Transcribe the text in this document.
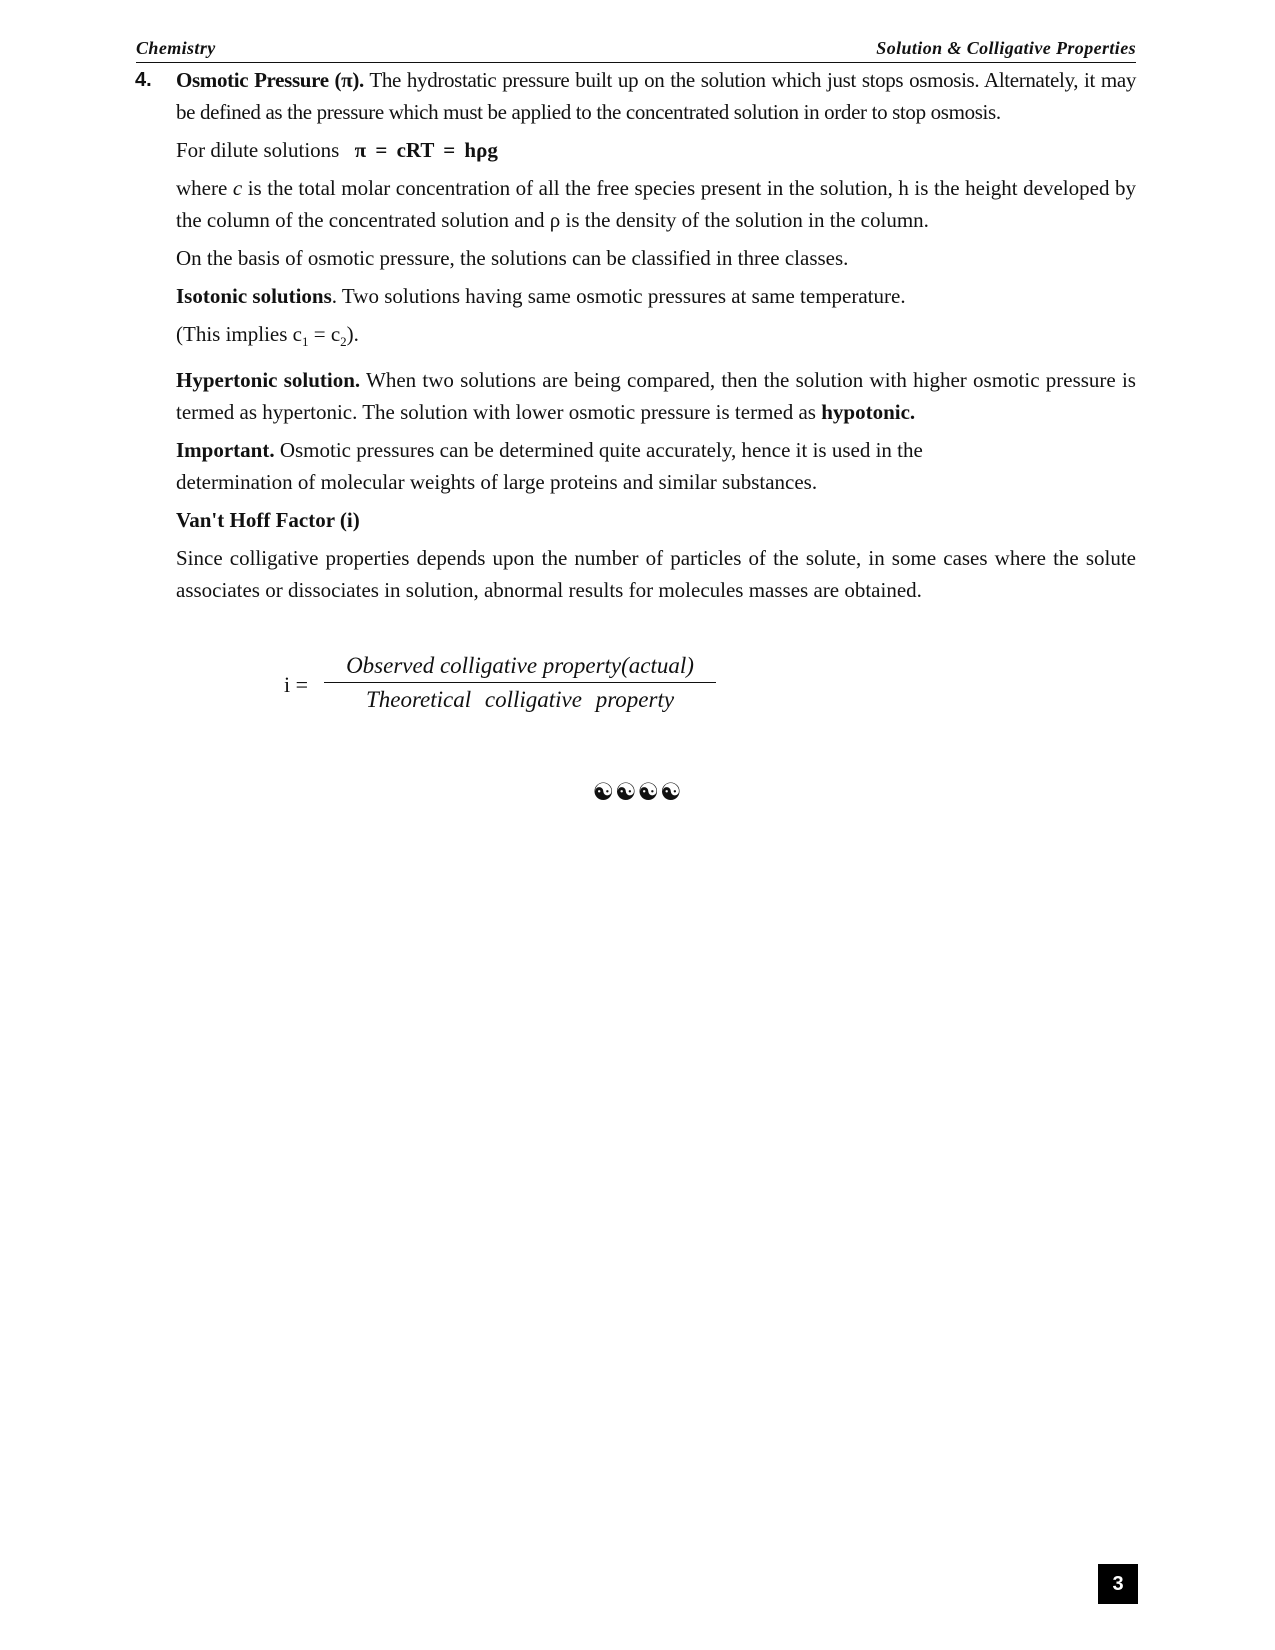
Chemistry	Solution & Colligative Properties
4. Osmotic Pressure (π). The hydrostatic pressure built up on the solution which just stops osmosis. Alternately, it may be defined as the pressure which must be applied to the concentrated solution in order to stop osmosis.

For dilute solutions π = cRT = hρg

where c is the total molar concentration of all the free species present in the solution, h is the height developed by the column of the concentrated solution and ρ is the density of the solution in the column.

On the basis of osmotic pressure, the solutions can be classified in three classes.

Isotonic solutions. Two solutions having same osmotic pressures at same temperature.

(This implies $c_1 = c_2$).

Hypertonic solution. When two solutions are being compared, then the solution with higher osmotic pressure is termed as hypertonic. The solution with lower osmotic pressure is termed as hypotonic.

Important. Osmotic pressures can be determined quite accurately, hence it is used in the
determination of molecular weights of large proteins and similar substances.

Van't Hoff Factor (i)

Since colligative properties depends upon the number of particles of the solute, in some cases where the solute associates or dissociates in solution, abnormal results for molecules masses are obtained.

i =
Observed colligative property(actual)
Theoretical colligative property
☯☯☯☯
3
